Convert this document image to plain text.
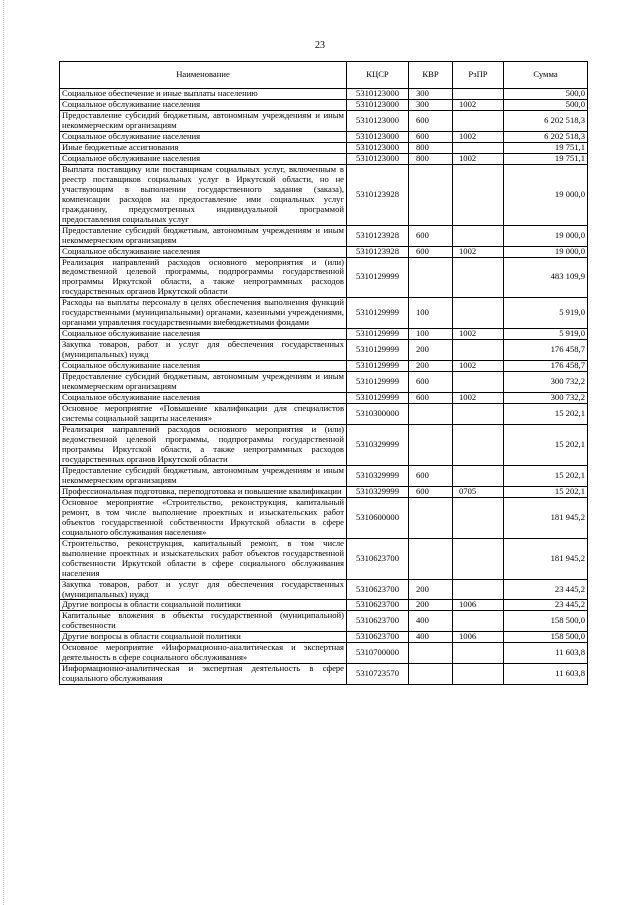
23
Наименование	КЦСР	КВР	РзПР	Сумма
Социальное обеспечение и иные выплаты населению	5310123000	300		500,0
Социальное обслуживание населения	5310123000	300	1002	500,0
Предоставление субсидий бюджетным, автономным учреждениям и иным некоммерческим организациям	5310123000	600		6 202 518,3
Социальное обслуживание населения	5310123000	600	1002	6 202 518,3
Иные бюджетные ассигнования	5310123000	800		19 751,1
Социальное обслуживание населения	5310123000	800	1002	19 751,1
Выплата поставщику или поставщикам социальных услуг, включенным в реестр поставщиков социальных услуг в Иркутской области, но не участвующим в выполнении государственного задания (заказа), компенсации расходов на предоставление ими социальных услуг гражданину, предусмотренных индивидуальной программой предоставления социальных услуг	5310123928			19 000,0
Предоставление субсидий бюджетным, автономным учреждениям и иным некоммерческим организациям	5310123928	600		19 000,0
Социальное обслуживание населения	5310123928	600	1002	19 000,0
Реализация направлений расходов основного мероприятия и (или) ведомственной целевой программы, подпрограммы государственной программы Иркутской области, а также непрограммных расходов государственных органов Иркутской области	5310129999			483 109,9
Расходы на выплаты персоналу в целях обеспечения выполнения функций государственными (муниципальными) органами, казенными учреждениями, органами управления государственными внебюджетными фондами	5310129999	100		5 919,0
Социальное обслуживание населения	5310129999	100	1002	5 919,0
Закупка товаров, работ и услуг для обеспечения государственных (муниципальных) нужд	5310129999	200		176 458,7
Социальное обслуживание населения	5310129999	200	1002	176 458,7
Предоставление субсидий бюджетным, автономным учреждениям и иным некоммерческим организациям	5310129999	600		300 732,2
Социальное обслуживание населения	5310129999	600	1002	300 732,2
Основное мероприятие «Повышение квалификации для специалистов системы социальной защиты населения»	5310300000			15 202,1
Реализация направлений расходов основного мероприятия и (или) ведомственной целевой программы, подпрограммы государственной программы Иркутской области, а также непрограммных расходов государственных органов Иркутской области	5310329999			15 202,1
Предоставление субсидий бюджетным, автономным учреждениям и иным некоммерческим организациям	5310329999	600		15 202,1
Профессиональная подготовка, переподготовка и повышение квалификации	5310329999	600	0705	15 202,1
Основное мероприятие «Строительство, реконструкция, капитальный ремонт, в том числе выполнение проектных и изыскательских работ объектов государственной собственности Иркутской области в сфере социального обслуживания населения»	5310600000			181 945,2
Строительство, реконструкция, капитальный ремонт, в том числе выполнение проектных и изыскательских работ объектов государственной собственности Иркутской области в сфере социального обслуживания населения	5310623700			181 945,2
Закупка товаров, работ и услуг для обеспечения государственных (муниципальных) нужд	5310623700	200		23 445,2
Другие вопросы в области социальной политики	5310623700	200	1006	23 445,2
Капитальные вложения в объекты государственной (муниципальной) собственности	5310623700	400		158 500,0
Другие вопросы в области социальной политики	5310623700	400	1006	158 500,0
Основное мероприятие «Информационно-аналитическая и экспертная деятельность в сфере социального обслуживания»	5310700000			11 603,8
Информационно-аналитическая и экспертная деятельность в сфере социального обслуживания	5310723570			11 603,8
